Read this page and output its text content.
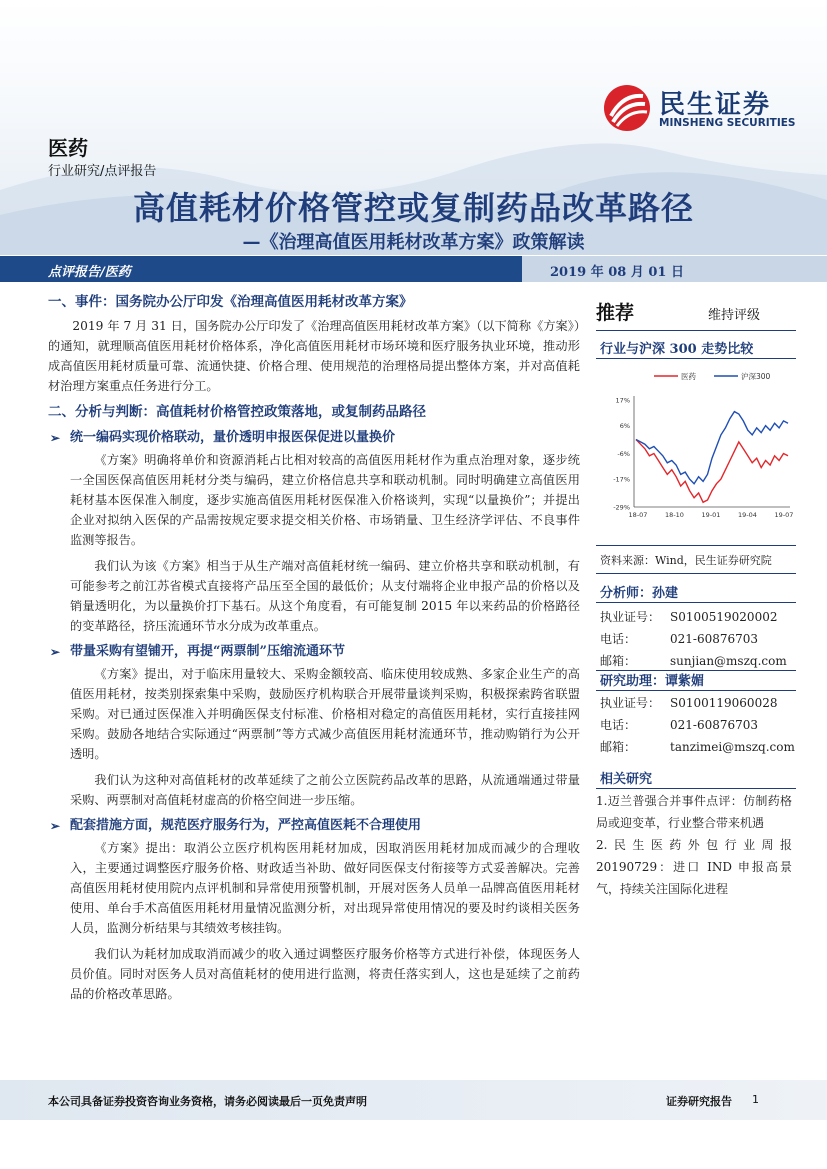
民生证券
MINSHENG SECURITIES
医药
行业研究/点评报告
高值耗材价格管控或复制药品改革路径
—《治理高值医用耗材改革方案》政策解读
点评报告/医药	2019 年 08 月 01 日
一、事件：国务院办公厅印发《治理高值医用耗材改革方案》

2019 年 7 月 31 日，国务院办公厅印发了《治理高值医用耗材改革方案》（以下简称《方案》）的通知，就理顺高值医用耗材价格体系，净化高值医用耗材市场环境和医疗服务执业环境，推动形成高值医用耗材质量可靠、流通快捷、价格合理、使用规范的治理格局提出整体方案，并对高值耗材治理方案重点任务进行分工。

二、分析与判断：高值耗材价格管控政策落地，或复制药品路径
➢ 统一编码实现价格联动，量价透明申报医保促进以量换价

《方案》明确将单价和资源消耗占比相对较高的高值医用耗材作为重点治理对象，逐步统一全国医保高值医用耗材分类与编码，建立价格信息共享和联动机制。同时明确建立高值医用耗材基本医保准入制度，逐步实施高值医用耗材医保准入价格谈判，实现“以量换价”；并提出企业对拟纳入医保的产品需按规定要求提交相关价格、市场销量、卫生经济学评估、不良事件监测等报告。

我们认为该《方案》相当于从生产端对高值耗材统一编码、建立价格共享和联动机制，有可能参考之前江苏省模式直接将产品压至全国的最低价；从支付端将企业申报产品的价格以及销量透明化，为以量换价打下基石。从这个角度看，有可能复制 2015 年以来药品的价格路径的变革路径，挤压流通环节水分成为改革重点。

➢ 带量采购有望铺开，再提“两票制”压缩流通环节

《方案》提出，对于临床用量较大、采购金额较高、临床使用较成熟、多家企业生产的高值医用耗材，按类别探索集中采购，鼓励医疗机构联合开展带量谈判采购，积极探索跨省联盟采购。对已通过医保准入并明确医保支付标准、价格相对稳定的高值医用耗材，实行直接挂网采购。鼓励各地结合实际通过“两票制”等方式减少高值医用耗材流通环节，推动购销行为公开透明。

我们认为这种对高值耗材的改革延续了之前公立医院药品改革的思路，从流通端通过带量采购、两票制对高值耗材虚高的价格空间进一步压缩。

➢ 配套措施方面，规范医疗服务行为，严控高值医耗不合理使用

《方案》提出：取消公立医疗机构医用耗材加成，因取消医用耗材加成而减少的合理收入，主要通过调整医疗服务价格、财政适当补助、做好同医保支付衔接等方式妥善解决。完善高值医用耗材使用院内点评机制和异常使用预警机制，开展对医务人员单一品牌高值医用耗材使用、单台手术高值医用耗材用量情况监测分析，对出现异常使用情况的要及时约谈相关医务人员，监测分析结果与其绩效考核挂钩。

我们认为耗材加成取消而减少的收入通过调整医疗服务价格等方式进行补偿，体现医务人员价值。同时对医务人员对高值耗材的使用进行监测，将责任落实到人，这也是延续了之前药品的价格改革思路。

推荐	维持评级
行业与沪深 300 走势比较
医药	沪深300
17%
6%
-6%
-17%
-29%
18-07	18-10	19-01	19-04	19-07
资料来源：Wind，民生证券研究院
分析师：孙建
执业证号： S0100519020002
电话：	021-60876703
邮箱：	sunjian@mszq.com
研究助理：谭紫媚
执业证号： S0100119060028
电话：	021-60876703
邮箱：	tanzimei@mszq.com
相关研究
1.迈兰普强合并事件点评：仿制药格局或迎变革，行业整合带来机遇
2.民生医药外包行业周报 20190729：进口 IND 申报高景气，持续关注国际化进程
本公司具备证券投资咨询业务资格，请务必阅读最后一页免责声明	证券研究报告 1
